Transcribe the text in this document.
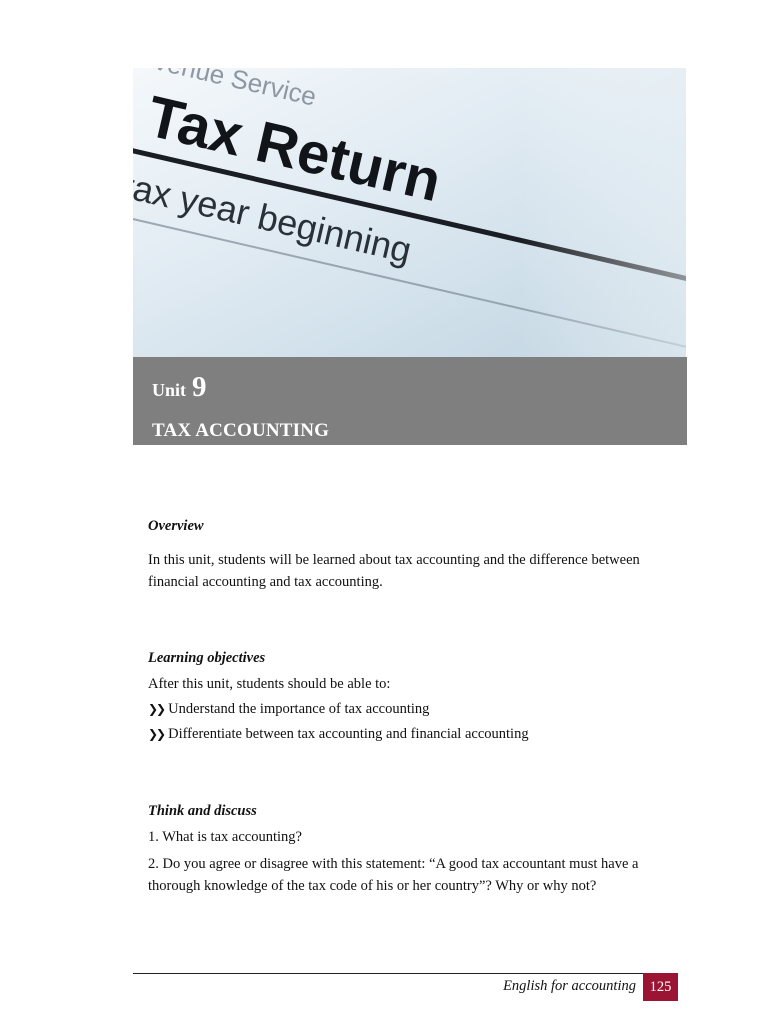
Unit 9
TAX ACCOUNTING
Overview
In this unit, students will be learned about tax accounting and the difference between financial accounting and tax accounting.
Learning objectives
After this unit, students should be able to:
❯❯ Understand the importance of tax accounting
❯❯ Differentiate between tax accounting and financial accounting
Think and discuss
1. What is tax accounting?
2. Do you agree or disagree with this statement: “A good tax accountant must have a thorough knowledge of the tax code of his or her country”? Why or why not?
English for accounting 125
